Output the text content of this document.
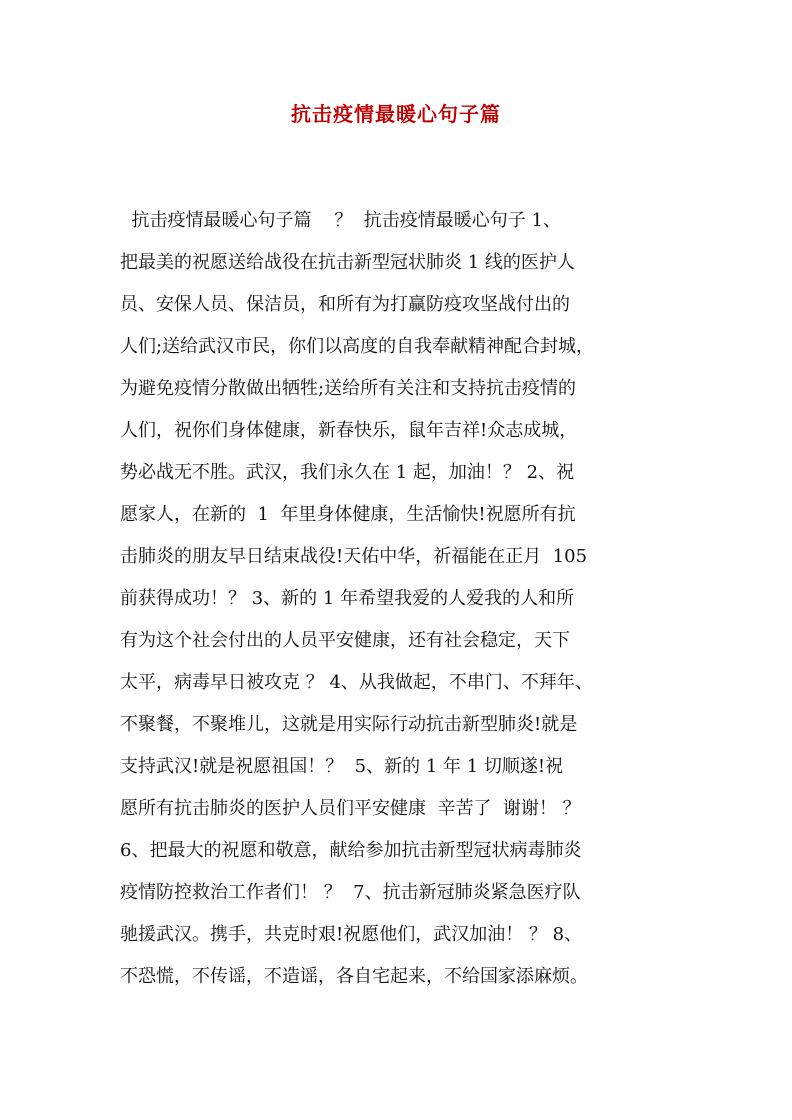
抗击疫情最暖心句子篇

抗击疫情最暖心句子篇    ？  抗击疫情最暖心句子 1、

把最美的祝愿送给战役在抗击新型冠状肺炎 1 线的医护人

员、安保人员、保洁员，和所有为打赢防疫攻坚战付出的

人们;送给武汉市民，你们以高度的自我奉献精神配合封城，

为避免疫情分散做出牺牲;送给所有关注和支持抗击疫情的

人们，祝你们身体健康，新春快乐，鼠年吉祥!众志成城，

势必战无不胜。武汉，我们永久在 1 起，加油！？ 2、祝

愿家人，在新的  1  年里身体健康，生活愉快!祝愿所有抗

击肺炎的朋友早日结束战役!天佑中华，祈福能在正月  105

前获得成功！？ 3、新的 1 年希望我爱的人爱我的人和所

有为这个社会付出的人员平安健康，还有社会稳定，天下

太平，病毒早日被攻克 ？ 4、从我做起，不串门、不拜年、

不聚餐，不聚堆儿，这就是用实际行动抗击新型肺炎!就是

支持武汉!就是祝愿祖国！？  5、新的 1 年 1 切顺遂!祝

愿所有抗击肺炎的医护人员们平安健康  辛苦了  谢谢！ ？

6、把最大的祝愿和敬意，献给参加抗击新型冠状病毒肺炎

疫情防控救治工作者们！ ？  7、抗击新冠肺炎紧急医疗队

驰援武汉。携手，共克时艰!祝愿他们，武汉加油！ ？ 8、

不恐慌，不传谣，不造谣，各自宅起来，不给国家添麻烦。
